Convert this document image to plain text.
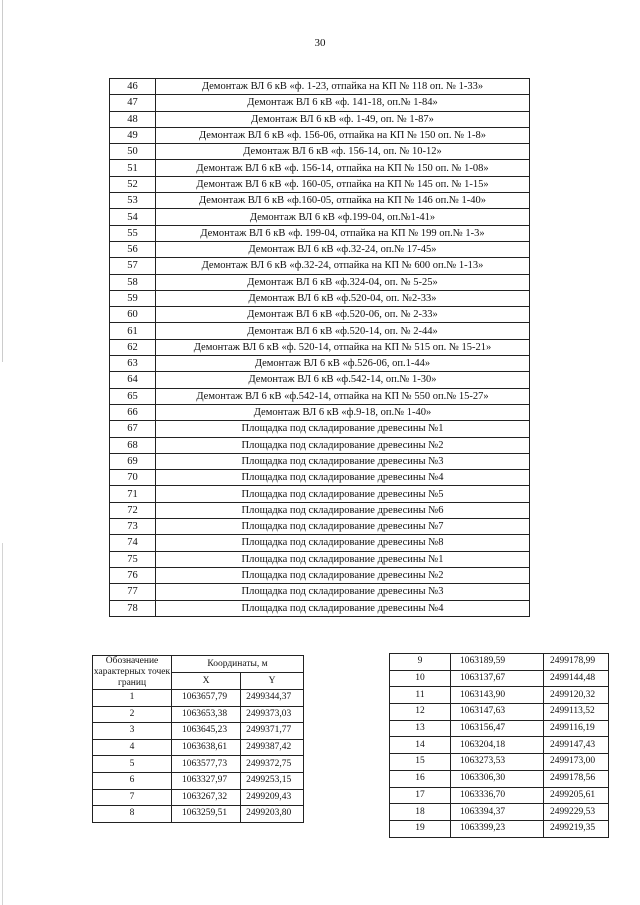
30
46	Демонтаж ВЛ 6 кВ «ф. 1-23, отпайка на КП № 118 оп. № 1-33»
47	Демонтаж ВЛ 6 кВ «ф. 141-18, оп.№ 1-84»
48	Демонтаж ВЛ 6 кВ «ф. 1-49, оп. № 1-87»
49	Демонтаж ВЛ 6 кВ «ф. 156-06, отпайка на КП № 150 оп. № 1-8»
50	Демонтаж ВЛ 6 кВ «ф. 156-14, оп. № 10-12»
51	Демонтаж ВЛ 6 кВ «ф. 156-14, отпайка на КП № 150 оп. № 1-08»
52	Демонтаж ВЛ 6 кВ «ф. 160-05, отпайка на КП № 145 оп. № 1-15»
53	Демонтаж ВЛ 6 кВ «ф.160-05, отпайка на КП № 146 оп.№ 1-40»
54	Демонтаж ВЛ 6 кВ «ф.199-04, оп.№1-41»
55	Демонтаж ВЛ 6 кВ «ф. 199-04, отпайка на КП № 199 оп.№ 1-3»
56	Демонтаж ВЛ 6 кВ «ф.32-24, оп.№ 17-45»
57	Демонтаж ВЛ 6 кВ «ф.32-24, отпайка на КП № 600 оп.№ 1-13»
58	Демонтаж ВЛ 6 кВ «ф.324-04, оп. № 5-25»
59	Демонтаж ВЛ 6 кВ «ф.520-04, оп. №2-33»
60	Демонтаж ВЛ 6 кВ «ф.520-06, оп. № 2-33»
61	Демонтаж ВЛ 6 кВ «ф.520-14, оп. № 2-44»
62	Демонтаж ВЛ 6 кВ «ф. 520-14, отпайка на КП № 515 оп. № 15-21»
63	Демонтаж ВЛ 6 кВ «ф.526-06, оп.1-44»
64	Демонтаж ВЛ 6 кВ «ф.542-14, оп.№ 1-30»
65	Демонтаж ВЛ 6 кВ «ф.542-14, отпайка на КП № 550 оп.№ 15-27»
66	Демонтаж ВЛ 6 кВ «ф.9-18, оп.№ 1-40»
67	Площадка под складирование древесины №1
68	Площадка под складирование древесины №2
69	Площадка под складирование древесины №3
70	Площадка под складирование древесины №4
71	Площадка под складирование древесины №5
72	Площадка под складирование древесины №6
73	Площадка под складирование древесины №7
74	Площадка под складирование древесины №8
75	Площадка под складирование древесины №1
76	Площадка под складирование древесины №2
77	Площадка под складирование древесины №3
78	Площадка под складирование древесины №4
Обозначение характерных точек границ	Координаты, м	
	X	Y
1	1063657,79	2499344,37
2	1063653,38	2499373,03
3	1063645,23	2499371,77
4	1063638,61	2499387,42
5	1063577,73	2499372,75
6	1063327,97	2499253,15
7	1063267,32	2499209,43
8	1063259,51	2499203,80
9	1063189,59	2499178,99
10	1063137,67	2499144,48
11	1063143,90	2499120,32
12	1063147,63	2499113,52
13	1063156,47	2499116,19
14	1063204,18	2499147,43
15	1063273,53	2499173,00
16	1063306,30	2499178,56
17	1063336,70	2499205,61
18	1063394,37	2499229,53
19	1063399,23	2499219,35
